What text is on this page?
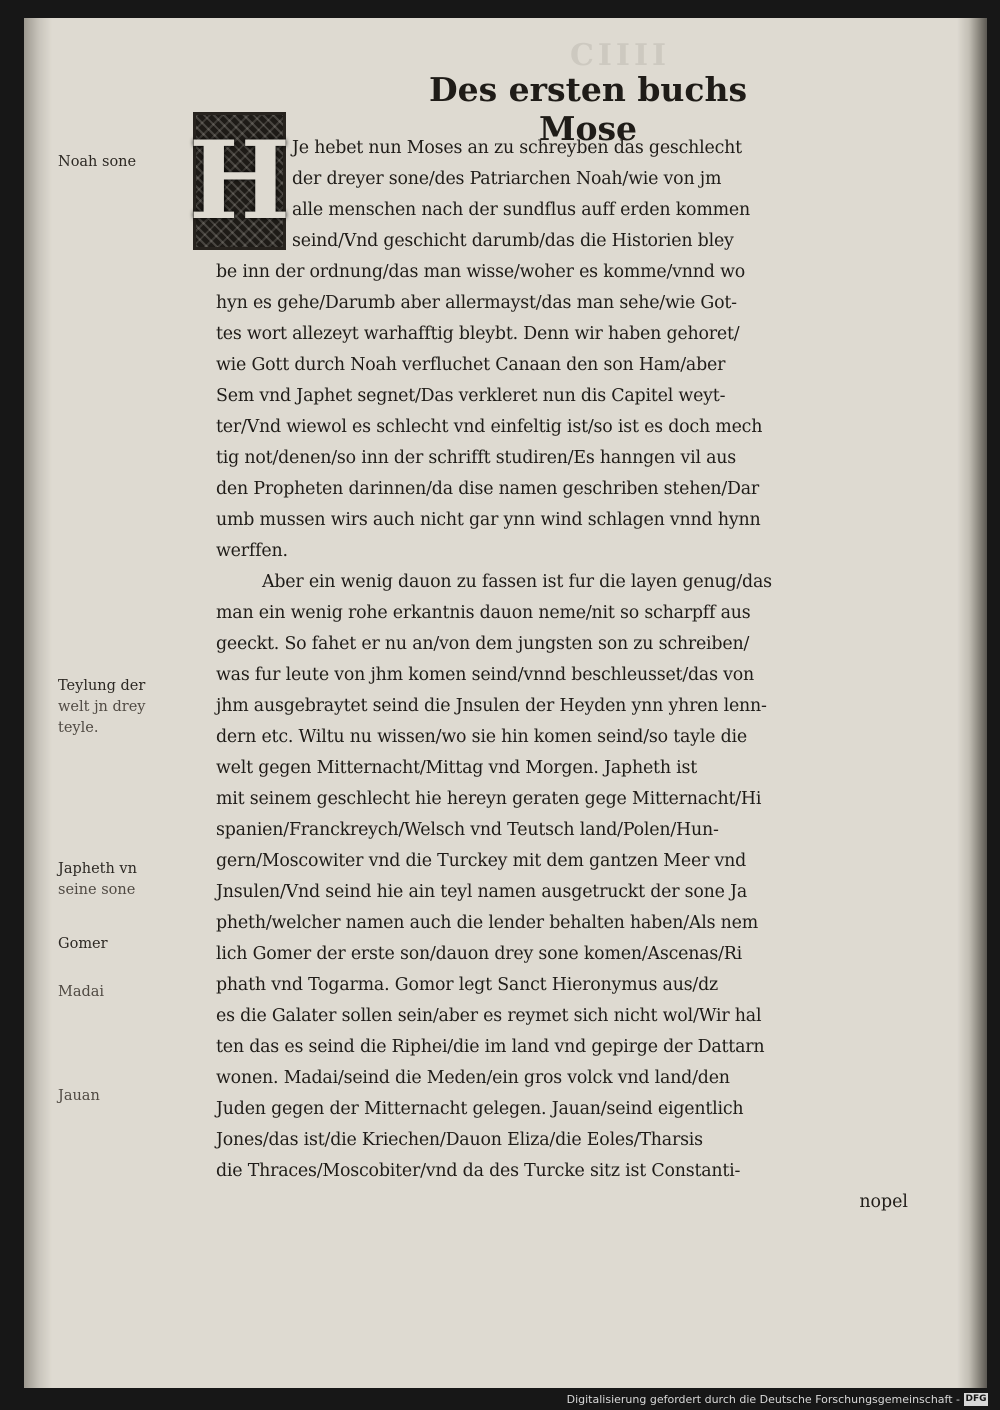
CIIII
Des ersten buchs Mose
H Je hebet nun Moses an zu schreyben das geschlecht
der dreyer sone/des Patriarchen Noah/wie von jm
alle menschen nach der sundflus auff erden kommen
seind/Vnd geschicht darumb/das die Historien bley
be inn der ordnung/das man wisse/woher es komme/vnnd wo
hyn es gehe/Darumb aber allermayst/das man sehe/wie Got-
tes wort allezeyt warhafftig bleybt. Denn wir haben gehoret/
wie Gott durch Noah verfluchet Canaan den son Ham/aber
Sem vnd Japhet segnet/Das verkleret nun dis Capitel weyt-
ter/Vnd wiewol es schlecht vnd einfeltig ist/so ist es doch mech
tig not/denen/so inn der schrifft studiren/Es hanngen vil aus
den Propheten darinnen/da dise namen geschriben stehen/Dar
umb mussen wirs auch nicht gar ynn wind schlagen vnnd hynn
werffen.
Aber ein wenig dauon zu fassen ist fur die layen genug/das
man ein wenig rohe erkantnis dauon neme/nit so scharpff aus
geeckt. So fahet er nu an/von dem jungsten son zu schreiben/
was fur leute von jhm komen seind/vnnd beschleusset/das von
jhm ausgebraytet seind die Jnsulen der Heyden ynn yhren lenn-
dern etc. Wiltu nu wissen/wo sie hin komen seind/so tayle die
welt gegen Mitternacht/Mittag vnd Morgen. Japheth ist
mit seinem geschlecht hie hereyn geraten gege Mitternacht/Hi
spanien/Franckreych/Welsch vnd Teutsch land/Polen/Hun-
gern/Moscowiter vnd die Turckey mit dem gantzen Meer vnd
Jnsulen/Vnd seind hie ain teyl namen ausgetruckt der sone Ja
pheth/welcher namen auch die lender behalten haben/Als nem
lich Gomer der erste son/dauon drey sone komen/Ascenas/Ri
phath vnd Togarma. Gomor legt Sanct Hieronymus aus/dz
es die Galater sollen sein/aber es reymet sich nicht wol/Wir hal
ten das es seind die Riphei/die im land vnd gepirge der Dattarn
wonen. Madai/seind die Meden/ein gros volck vnd land/den
Juden gegen der Mitternacht gelegen. Jauan/seind eigentlich
Jones/das ist/die Kriechen/Dauon Eliza/die Eoles/Tharsis
die Thraces/Moscobiter/vnd da des Turcke sitz ist Constanti-
nopel
Noah sone
Teylung der
welt jn drey
teyle.
Japheth vn
seine sone
Gomer
Madai
Jauan
Digitalisierung gefordert durch die Deutsche Forschungsgemeinschaft - DFG
